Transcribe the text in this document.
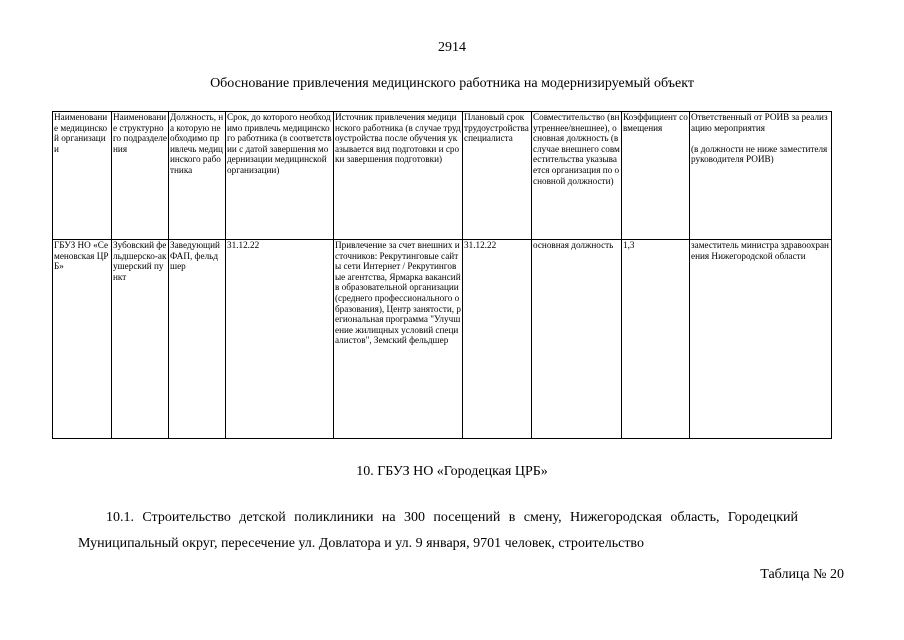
2914
Обоснование привлечения медицинского работника на модернизируемый объект
Наименование медицинской организации	Наименование структурного подразделения	Должность, на которую необходимо привлечь медицинского работника	Срок, до которого необходимо привлечь медицинского работника (в соответствии с датой завершения модернизации медицинской организации)	Источник привлечения медицинского работника (в случае трудоустройства после обучения указывается вид подготовки и сроки завершения подготовки)	Плановый срок трудоустройства специалиста	Совместительство (внутреннее/внешнее), основная должность (в случае внешнего совместительства указывается организация по основной должности)	Коэффициент совмещения	Ответственный от РОИВ за реализацию мероприятия

(в должности не ниже заместителя руководителя РОИВ)

ГБУЗ НО «Семеновская ЦРБ»	Зубовский фельдшерско-акушерский пункт	Заведующий ФАП, фельдшер	31.12.22	Привлечение за счет внешних источников: Рекрутинговые сайты сети Интернет / Рекрутинговые агентства, Ярмарка вакансий в образовательной организации (среднего профессионального образования), Центр занятости, региональная программа "Улучшение жилищных условий специалистов", Земский фельдшер	31.12.22	основная должность	1,3	заместитель министра здравоохранения Нижегородской области
10. ГБУЗ НО «Городецкая ЦРБ»
10.1. Строительство детской поликлиники на 300 посещений в смену, Нижегородская область, Городецкий Муниципальный округ, пересечение ул. Довлатора и ул. 9 января, 9701 человек, строительство
Таблица № 20
